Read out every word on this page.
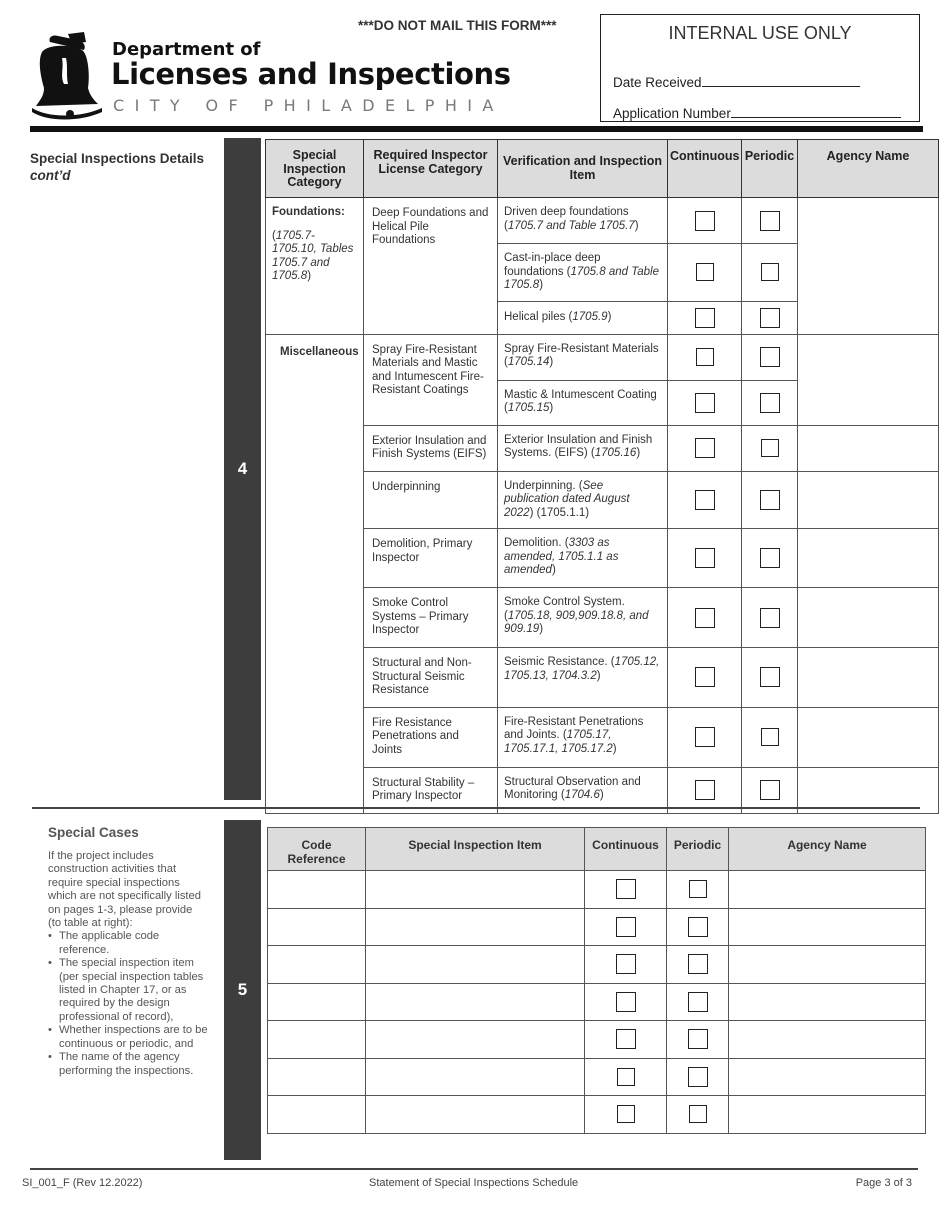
Department of
Licenses and Inspections
CITY OF PHILADELPHIA
***DO NOT MAIL THIS FORM***	INTERNAL USE ONLY
Date Received
Application Number
Special Inspections Details
cont’d
4
Special Inspection Category	Required Inspector License Category	Verification and Inspection Item	Continuous	Periodic	Agency Name

Foundations:
(1705.7-1705.10, Tables 1705.7 and 1705.8)	Deep Foundations and Helical Pile Foundations	Driven deep foundations (1705.7 and Table 1705.7)			
		Cast-in-place deep foundations (1705.8 and Table 1705.8)			
		Helical piles (1705.9)			
Miscellaneous	Spray Fire-Resistant Materials and Mastic and Intumescent Fire-Resistant Coatings	Spray Fire-Resistant Materials (1705.14)			
		Mastic & Intumescent Coating (1705.15)			
	Exterior Insulation and Finish Systems (EIFS)	Exterior Insulation and Finish Systems. (EIFS) (1705.16)			
	Underpinning	Underpinning. (See publication dated August 2022) (1705.1.1)			
	Demolition, Primary Inspector	Demolition. (3303 as amended, 1705.1.1 as amended)			
	Smoke Control Systems – Primary Inspector	Smoke Control System. (1705.18, 909,909.18.8, and 909.19)			
	Structural and Non-Structural Seismic Resistance	Seismic Resistance. (1705.12, 1705.13, 1704.3.2)			
	Fire Resistance Penetrations and Joints	Fire-Resistant Penetrations and Joints. (1705.17, 1705.17.1, 1705.17.2)			
	Structural Stability – Primary Inspector	Structural Observation and Monitoring (1704.6)			
Special Cases
If the project includes construction activities that require special inspections which are not specifically listed on pages 1-3, please provide (to table at right):
• The applicable code reference.
• The special inspection item (per special inspection tables listed in Chapter 17, or as required by the design professional of record),
• Whether inspections are to be continuous or periodic, and
• The name of the agency performing the inspections.
5
Code Reference	Special Inspection Item	Continuous	Periodic	Agency Name

SI_001_F (Rev 12.2022)	Statement of Special Inspections Schedule	Page 3 of 3
